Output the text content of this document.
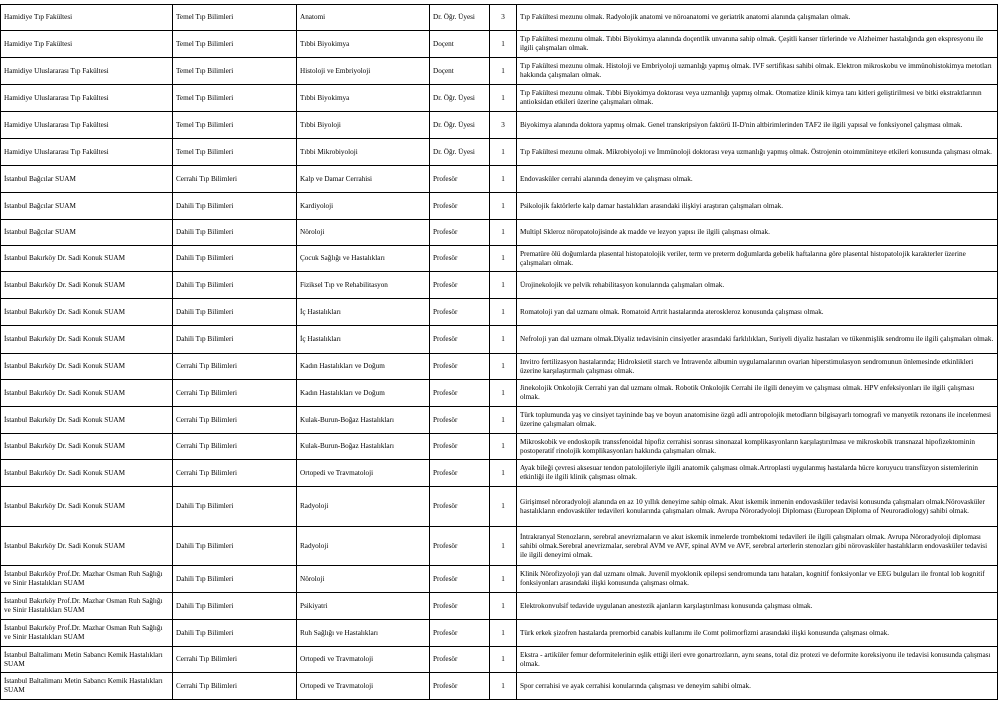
Hamidiye Tıp Fakültesi	Temel Tıp Bilimleri	Anatomi	Dr. Öğr. Üyesi	3	Tıp Fakültesi mezunu olmak. Radyolojik anatomi ve nöroanatomi ve geriatrik anatomi alanında çalışmaları olmak.
Hamidiye Tıp Fakültesi	Temel Tıp Bilimleri	Tıbbi Biyokimya	Doçent	1	Tıp Fakültesi mezunu olmak. Tıbbi Biyokimya alanında doçentlik unvanına sahip olmak. Çeşitli kanser türlerinde ve Alzheimer hastalığında gen ekspresyonu ile ilgili çalışmaları olmak.
Hamidiye Uluslararası Tıp Fakültesi	Temel Tıp Bilimleri	Histoloji ve Embriyoloji	Doçent	1	Tıp Fakültesi mezunu olmak. Histoloji ve Embriyoloji uzmanlığı yapmış olmak. IVF sertifikası sahibi olmak. Elektron mikroskobu ve immünohistokimya metotları hakkında çalışmaları olmak.
Hamidiye Uluslararası Tıp Fakültesi	Temel Tıp Bilimleri	Tıbbi Biyokimya	Dr. Öğr. Üyesi	1	Tıp Fakültesi mezunu olmak. Tıbbi Biyokimya doktorası veya uzmanlığı yapmış olmak. Otomatize klinik kimya tanı kitleri geliştirilmesi ve bitki ekstraktlarının antioksidan etkileri üzerine çalışmaları olmak.
Hamidiye Uluslararası Tıp Fakültesi	Temel Tıp Bilimleri	Tıbbi Biyoloji	Dr. Öğr. Üyesi	3	Biyokimya alanında doktora yapmış olmak. Genel transkripsiyon faktörü II-D'nin altbirimlerinden TAF2 ile ilgili yapısal ve fonksiyonel çalışması olmak.
Hamidiye Uluslararası Tıp Fakültesi	Temel Tıp Bilimleri	Tıbbi Mikrobiyoloji	Dr. Öğr. Üyesi	1	Tıp Fakültesi mezunu olmak. Mikrobiyoloji ve İmmünoloji doktorası veya uzmanlığı yapmış olmak. Östrojenin otoimmüniteye etkileri konusunda çalışması olmak.
İstanbul Bağcılar SUAM	Cerrahi Tıp Bilimleri	Kalp ve Damar Cerrahisi	Profesör	1	Endovasküler cerrahi alanında deneyim ve çalışması olmak.
İstanbul Bağcılar SUAM	Dahili Tıp Bilimleri	Kardiyoloji	Profesör	1	Psikolojik faktörlerle kalp damar hastalıkları arasındaki ilişkiyi araştıran çalışmaları olmak.
İstanbul Bağcılar SUAM	Dahili Tıp Bilimleri	Nöroloji	Profesör	1	Multipl Skleroz nöropatolojisinde ak madde ve lezyon yapısı ile ilgili çalışması olmak.
İstanbul Bakırköy Dr. Sadi Konuk SUAM	Dahili Tıp Bilimleri	Çocuk Sağlığı ve Hastalıkları	Profesör	1	Prematüre ölü doğumlarda plasental histopatolojik veriler, term ve preterm doğumlarda gebelik haftalarına göre plasental histopatolojik karakterler üzerine çalışmaları olmak.
İstanbul Bakırköy Dr. Sadi Konuk SUAM	Dahili Tıp Bilimleri	Fiziksel Tıp ve Rehabilitasyon	Profesör	1	Ürojinekolojik ve pelvik rehabilitasyon konularında çalışmaları olmak.
İstanbul Bakırköy Dr. Sadi Konuk SUAM	Dahili Tıp Bilimleri	İç Hastalıkları	Profesör	1	Romatoloji yan dal uzmanı olmak. Romatoid Artrit hastalarında ateroskleroz konusunda çalışması olmak.
İstanbul Bakırköy Dr. Sadi Konuk SUAM	Dahili Tıp Bilimleri	İç Hastalıkları	Profesör	1	Nefroloji yan dal uzmanı olmak.Diyaliz tedavisinin cinsiyetler arasındaki farklılıkları, Suriyeli diyaliz hastaları ve tükenmişlik sendromu ile ilgili çalışmaları olmak.
İstanbul Bakırköy Dr. Sadi Konuk SUAM	Cerrahi Tıp Bilimleri	Kadın Hastalıkları ve Doğum	Profesör	1	Invitro fertilizasyon hastalarında; Hidroksietil starch ve İntravenöz albumin uygulamalarının ovarian hiperstimulasyon sendromunun önlemesinde etkinlikleri üzerine karşılaştırmalı çalışması olmak.
İstanbul Bakırköy Dr. Sadi Konuk SUAM	Cerrahi Tıp Bilimleri	Kadın Hastalıkları ve Doğum	Profesör	1	Jinekolojik Onkolojik Cerrahi yan dal uzmanı olmak. Robotik Onkolojik Cerrahi ile ilgili deneyim ve çalışması olmak. HPV enfeksiyonları ile ilgili çalışması olmak.
İstanbul Bakırköy Dr. Sadi Konuk SUAM	Cerrahi Tıp Bilimleri	Kulak-Burun-Boğaz Hastalıkları	Profesör	1	Türk toplumunda yaş ve cinsiyet tayininde baş ve boyun anatomisine özgü adli antropolojik metodların bilgisayarlı tomografi ve manyetik rezonans ile incelenmesi üzerine çalışmaları olmak.
İstanbul Bakırköy Dr. Sadi Konuk SUAM	Cerrahi Tıp Bilimleri	Kulak-Burun-Boğaz Hastalıkları	Profesör	1	Mikroskobik ve endoskopik transsfenoidal hipofiz cerrahisi sonrası sinonazal komplikasyonların karşılaştırılması ve mikroskobik transnazal hipofizektominin postoperatif rinolojik komplikasyonları hakkında çalışmaları olmak.
İstanbul Bakırköy Dr. Sadi Konuk SUAM	Cerrahi Tıp Bilimleri	Ortopedi ve Travmatoloji	Profesör	1	Ayak bileği çevresi aksesuar tendon patolojileriyle ilgili anatomik çalışması olmak.Artroplasti uygulanmış hastalarda hücre koruyucu transfüzyon sistemlerinin etkinliği ile ilgili klinik çalışması olmak.
İstanbul Bakırköy Dr. Sadi Konuk SUAM	Dahili Tıp Bilimleri	Radyoloji	Profesör	1	Girişimsel nöroradyoloji alanında en az 10 yıllık deneyime sahip olmak. Akut iskemik inmenin endovasküler tedavisi konusunda çalışmaları olmak.Nörovasküler hastalıkların endovasküler tedavileri konularında çalışmaları olmak. Avrupa Nöroradyoloji Diploması (European Diploma of Neuroradiology) sahibi olmak.
İstanbul Bakırköy Dr. Sadi Konuk SUAM	Dahili Tıp Bilimleri	Radyoloji	Profesör	1	İntrakranyal Stenozların, serebral anevrizmaların ve akut iskemik inmelerde trombektomi tedavileri ile ilgili çalışmaları olmak. Avrupa Nöroradyoloji diploması sahibi olmak.Serebral anevrizmalar, serebral AVM ve AVF, spinal AVM ve AVF, serebral arterlerin stenozları gibi nörovasküler hastalıkların endovasküler tedavisi ile ilgili deneyimi olmak.
İstanbul Bakırköy Prof.Dr. Mazhar Osman Ruh Sağlığı ve Sinir Hastalıkları SUAM	Dahili Tıp Bilimleri	Nöroloji	Profesör	1	Klinik Nörofizyoloji yan dal uzmanı olmak. Juvenil myoklonik epilepsi sendromunda tanı hataları, kognitif fonksiyonlar ve EEG bulguları ile frontal lob kognitif fonksiyonları arasındaki ilişki konusunda çalışması olmak.
İstanbul Bakırköy Prof.Dr. Mazhar Osman Ruh Sağlığı ve Sinir Hastalıkları SUAM	Dahili Tıp Bilimleri	Psikiyatri	Profesör	1	Elektrokonvulsif tedavide uygulanan anestezik ajanların karşılaştırılması konusunda çalışması olmak.
İstanbul Bakırköy Prof.Dr. Mazhar Osman Ruh Sağlığı ve Sinir Hastalıkları SUAM	Dahili Tıp Bilimleri	Ruh Sağlığı ve Hastalıkları	Profesör	1	Türk erkek şizofren hastalarda premorbid canabis kullanımı ile Comt polimorfizmi arasındaki ilişki konusunda çalışması olmak.
İstanbul Baltalimanı Metin Sabancı Kemik Hastalıkları SUAM	Cerrahi Tıp Bilimleri	Ortopedi ve Travmatoloji	Profesör	1	Ekstra - artiküler femur deformitelerinin eşlik ettiği ileri evre gonartrozların, aynı seans, total diz protezi ve deformite koreksiyonu ile tedavisi konusunda çalışması olmak.
İstanbul Baltalimanı Metin Sabancı Kemik Hastalıkları SUAM	Cerrahi Tıp Bilimleri	Ortopedi ve Travmatoloji	Profesör	1	Spor cerrahisi ve ayak cerrahisi konularında çalışması ve deneyim sahibi olmak.
